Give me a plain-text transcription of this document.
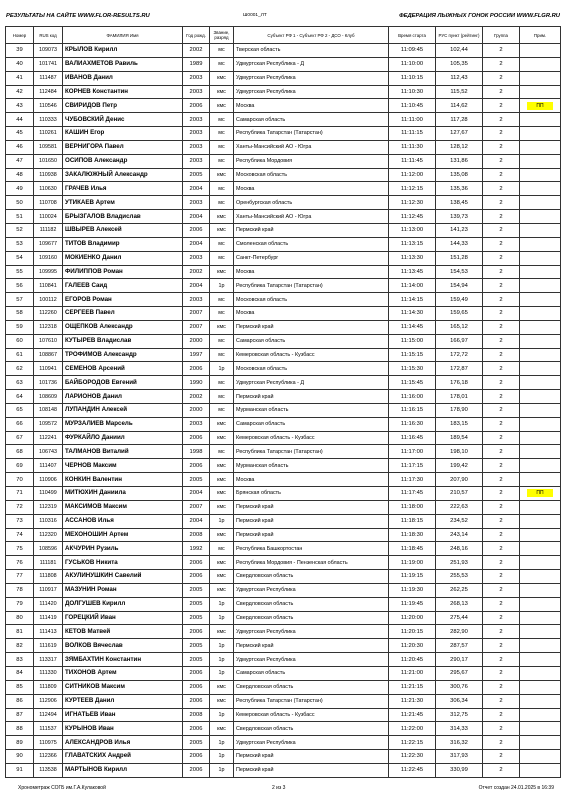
РЕЗУЛЬТАТЫ НА САЙТЕ WWW.FLOR-RESULTS.RU	Ш0001_ЛТ	ФЕДЕРАЦИЯ ЛЫЖНЫХ ГОНОК РОССИИ WWW.FLGR.RU
Номер	RUS код	ФАМИЛИЯ Имя	Год рожд.	Звание, разряд	Субъект РФ 1 - Субъект РФ 2 - ДСО - Клуб	Время старта	РУС пункт (рейтинг)	Группа	Прим.
39	109073	КРЫЛОВ Кирилл	2002	мс	Тверская область	11:09:45	102,44	2	
40	101741	ВАЛИАХМЕТОВ Равиль	1989	мс	Удмуртская Республика - Д	11:10:00	105,35	2	
41	111487	ИВАНОВ Данил	2003	кмс	Удмуртская Республика	11:10:15	112,43	2	
42	112484	КОРНЕВ Константин	2003	кмс	Удмуртская Республика	11:10:30	115,52	2	
43	110546	СВИРИДОВ Петр	2006	кмс	Москва	11:10:45	114,62	2	ПП

44	110333	ЧУБОВСКИЙ Денис	2003	мс	Самарская область	11:11:00	117,28	2	
45	110261	КАШИН Егор	2003	мс	Республика Татарстан (Татарстан)	11:11:15	127,67	2	
46	109581	ВЕРНИГОРА Павел	2003	мс	Ханты-Мансийский АО - Югра	11:11:30	128,12	2	
47	101650	ОСИПОВ Александр	2003	мс	Республика Мордовия	11:11:45	131,86	2	
48	110938	ЗАКАЛЮЖНЫЙ Александр	2005	кмс	Московская область	11:12:00	135,08	2	
49	110630	ГРАЧЕВ Илья	2004	мс	Москва	11:12:15	135,36	2	
50	110708	УТИКАЕВ Артем	2003	мс	Оренбургская область	11:12:30	138,45	2	
51	110024	БРЫЗГАЛОВ Владислав	2004	кмс	Ханты-Мансийский АО - Югра	11:12:45	139,73	2	
52	111182	ШВЫРЕВ Алексей	2006	кмс	Пермский край	11:13:00	141,23	2	
53	109677	ТИТОВ Владимир	2004	мс	Смоленская область	11:13:15	144,33	2	
54	109160	МОКИЕНКО Данил	2003	мс	Санкт-Петербург	11:13:30	151,28	2	
55	109995	ФИЛИППОВ Роман	2002	кмс	Москва	11:13:45	154,53	2	
56	110841	ГАЛЕЕВ Саид	2004	1р	Республика Татарстан (Татарстан)	11:14:00	154,94	2	
57	100112	ЕГОРОВ Роман	2003	мс	Московская область	11:14:15	159,49	2	
58	112260	СЕРГЕЕВ Павел	2007	мс	Москва	11:14:30	159,65	2	
59	112318	ОЩЕПКОВ Александр	2007	кмс	Пермский край	11:14:45	165,12	2	
60	107610	КУТЫРЕВ Владислав	2000	мс	Самарская область	11:15:00	166,97	2	
61	108867	ТРОФИМОВ Александр	1997	мс	Кемеровская область - Кузбасс	11:15:15	172,72	2	
62	110941	СЕМЕНОВ Арсений	2006	1р	Московская область	11:15:30	172,87	2	
63	101736	БАЙБОРОДОВ Евгений	1990	мс	Удмуртская Республика - Д	11:15:45	176,18	2	
64	108609	ЛАРИОНОВ Данил	2002	мс	Пермский край	11:16:00	178,01	2	
65	108148	ЛУПАНДИН Алексей	2000	мс	Мурманская область	11:16:15	178,90	2	
66	109572	МУРЗАЛИЕВ Марсель	2003	кмс	Самарская область	11:16:30	183,15	2	
67	112241	ФУРКАЙЛО Даниил	2006	кмс	Кемеровская область - Кузбасс	11:16:45	189,54	2	
68	106743	ТАЛМАНОВ Виталий	1998	мс	Республика Татарстан (Татарстан)	11:17:00	198,10	2	
69	111407	ЧЕРНОВ Максим	2006	кмс	Мурманская область	11:17:15	199,42	2	
70	110906	КОНКИН Валентин	2005	кмс	Москва	11:17:30	207,90	2	
71	110499	МИТЮХИН Даниила	2004	кмс	Брянская область	11:17:45	210,57	2	ПП

72	112319	МАКСИМОВ Максим	2007	кмс	Пермский край	11:18:00	222,63	2	
73	110316	АССАНОВ Илья	2004	1р	Пермский край	11:18:15	234,52	2	
74	112320	МЕХОНОШИН Артем	2008	кмс	Пермский край	11:18:30	243,14	2	
75	108596	АКЧУРИН Рузиль	1992	мс	Республика Башкортостан	11:18:45	248,16	2	
76	111181	ГУСЬКОВ Никита	2006	кмс	Республика Мордовия - Пензенская область	11:19:00	251,93	2	
77	111808	АКУЛИНУШКИН Савелий	2006	кмс	Свердловская область	11:19:15	255,53	2	
78	110917	МАЗУНИН Роман	2005	кмс	Удмуртская Республика	11:19:30	262,25	2	
79	111420	ДОЛГУШЕВ Кирилл	2005	1р	Свердловская область	11:19:45	268,13	2	
80	111419	ГОРЕЦКИЙ Иван	2005	1р	Свердловская область	11:20:00	275,44	2	
81	111413	КЕТОВ Матвей	2006	кмс	Удмуртская Республика	11:20:15	282,90	2	
82	111619	ВОЛКОВ Вячеслав	2005	1р	Пермский край	11:20:30	287,57	2	
83	113317	ЗЯМБАХТИН Константин	2005	1р	Удмуртская Республика	11:20:45	290,17	2	
84	111330	ТИХОНОВ Артем	2006	1р	Самарская область	11:21:00	295,67	2	
85	111809	СИТНИКОВ Максим	2006	кмс	Свердловская область	11:21:15	300,76	2	
86	112906	КУРТЕЕВ Данил	2006	кмс	Республика Татарстан (Татарстан)	11:21:30	306,34	2	
87	112494	ИГНАТЬЕВ Иван	2008	1р	Кемеровская область - Кузбасс	11:21:45	312,75	2	
88	111537	КУРЫНОВ Иван	2006	кмс	Свердловская область	11:22:00	314,33	2	
89	110975	АЛЕКСАНДРОВ Илья	2005	1р	Удмуртская Республика	11:22:15	316,32	2	
90	112366	ГЛАВАТСКИХ Андрей	2006	1р	Пермский край	11:22:30	317,93	2	
91	113538	МАРТЫНОВ Кирилл	2006	1р	Пермский край	11:22:45	330,99	2	
Хронометраж СОГБ им.Г.А.Кулаковой	2 из 3	Отчет создан 24.01.2025 в 16:39
